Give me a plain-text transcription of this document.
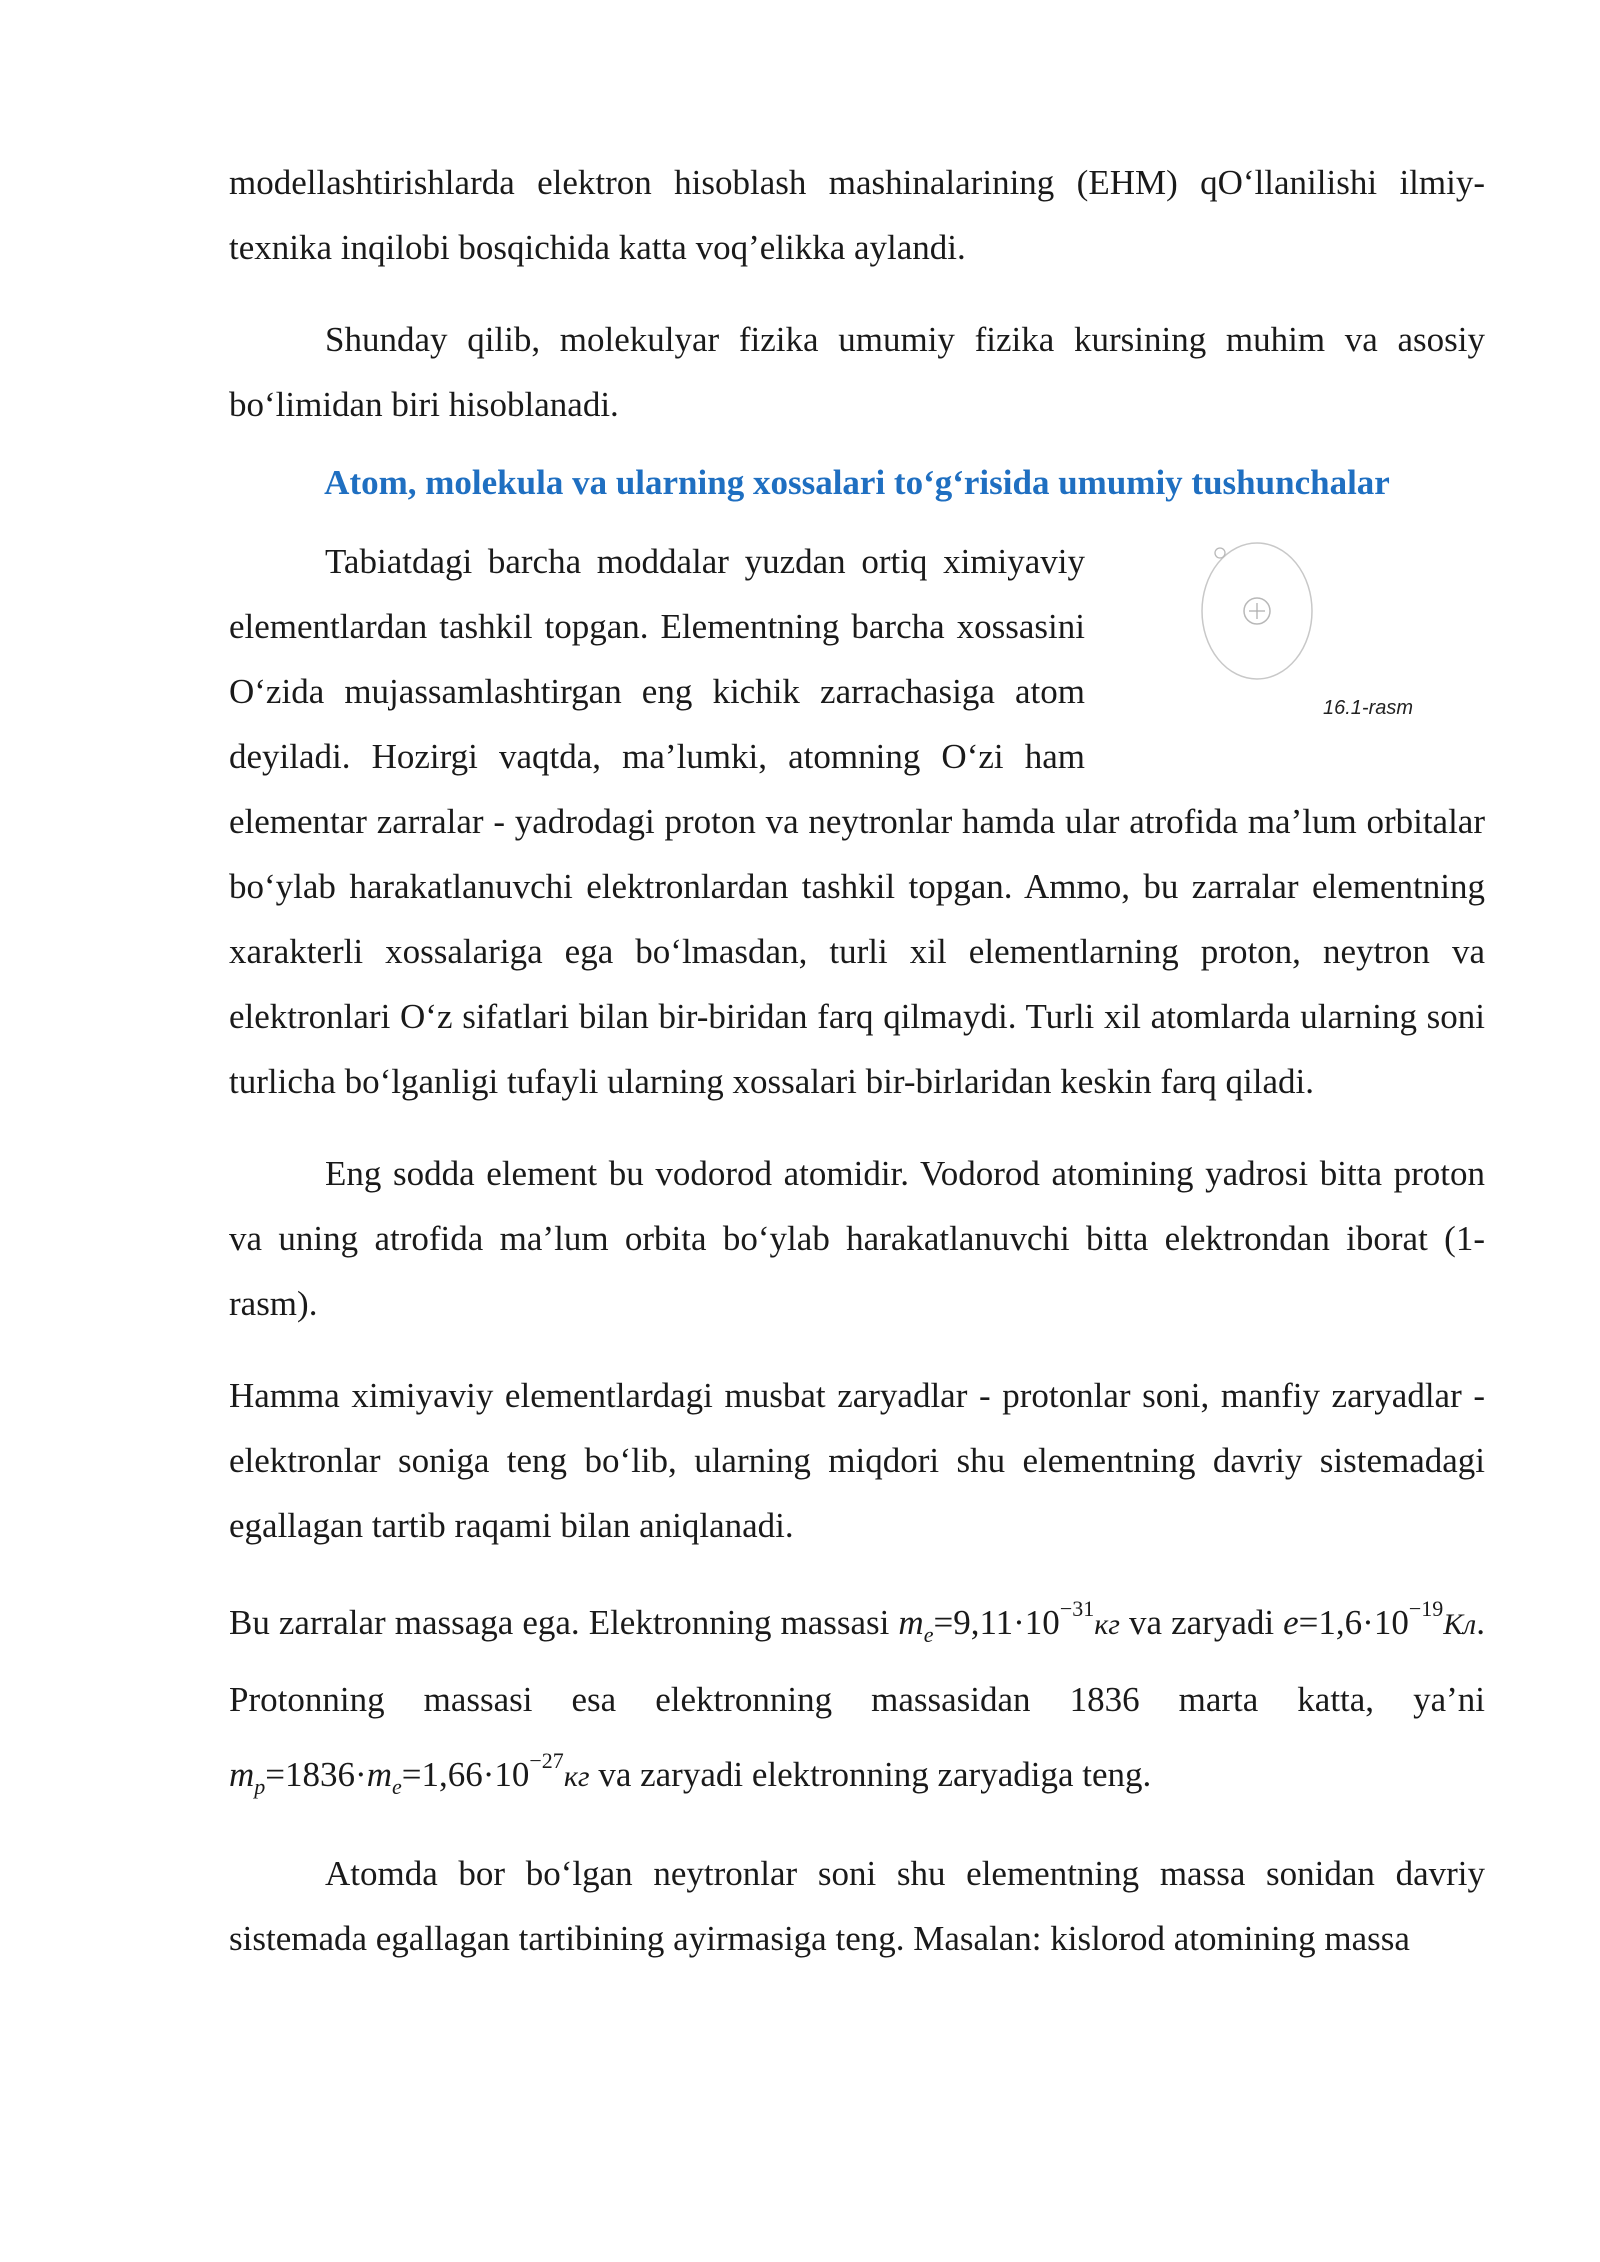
modellashtirishlarda elektron hisoblash mashinalarining (EHM) qO‘llanilishi ilmiy-texnika inqilobi bosqichida katta voq’elikka aylandi.

Shunday qilib, molekulyar fizika umumiy fizika kursining muhim va asosiy bo‘limidan biri hisoblanadi.

Atom, molekula va ularning xossalari to‘g‘risida umumiy tushunchalar

16.1-rasm
Tabiatdagi barcha moddalar yuzdan ortiq ximiyaviy elementlardan tashkil topgan. Elementning barcha xossasini O‘zida mujassamlashtirgan eng kichik zarrachasiga atom deyiladi. Hozirgi vaqtda, ma’lumki, atomning O‘zi ham elementar zarralar - yadrodagi proton va neytronlar hamda ular atrofida ma’lum orbitalar bo‘ylab harakatlanuvchi elektronlardan tashkil topgan. Ammo, bu zarralar elementning xarakterli xossalariga ega bo‘lmasdan, turli xil elementlarning proton, neytron va elektronlari O‘z sifatlari bilan bir-biridan farq qilmaydi. Turli xil atomlarda ularning soni turlicha bo‘lganligi tufayli ularning xossalari bir-birlaridan keskin farq qiladi.

Eng sodda element bu vodorod atomidir. Vodorod atomining yadrosi bitta proton va uning atrofida ma’lum orbita bo‘ylab harakatlanuvchi bitta elektrondan iborat (1-rasm).

Hamma ximiyaviy elementlardagi musbat zaryadlar - protonlar soni, manfiy zaryadlar - elektronlar soniga teng bo‘lib, ularning miqdori shu elementning davriy sistemadagi egallagan tartib raqami bilan aniqlanadi.

Bu zarralar massaga ega. Elektronning massasi $m_e=9,11\cdot 10^{-31}кг$ va zaryadi $e=1,6\cdot 10^{-19}Кл$. Protonning massasi esa elektronning massasidan 1836 marta katta, ya’ni $m_p=1836\cdot m_e=1,66\cdot 10^{-27}кг$ va zaryadi elektronning zaryadiga teng.

Atomda bor bo‘lgan neytronlar soni shu elementning massa sonidan davriy sistemada egallagan tartibining ayirmasiga teng. Masalan: kislorod atomining massa
